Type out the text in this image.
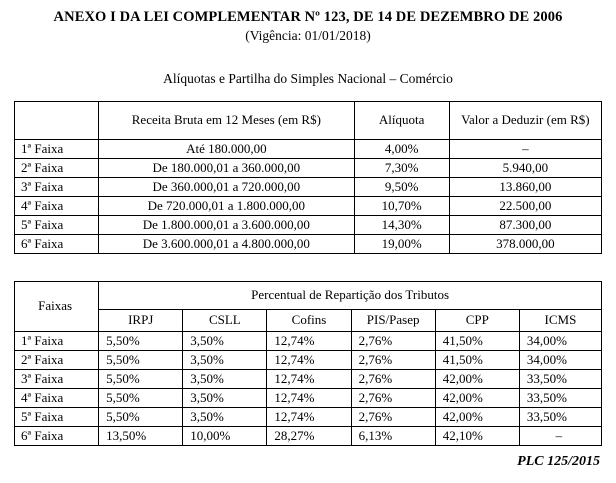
ANEXO I DA LEI COMPLEMENTAR Nº 123, DE 14 DE DEZEMBRO DE 2006
(Vigência: 01/01/2018)
Alíquotas e Partilha do Simples Nacional – Comércio
	Receita Bruta em 12 Meses (em R$)	Alíquota	Valor a Deduzir (em R$)
1ª Faixa	Até 180.000,00	4,00%	–
2ª Faixa	De 180.000,01 a 360.000,00	7,30%	5.940,00
3ª Faixa	De 360.000,01 a 720.000,00	9,50%	13.860,00
4ª Faixa	De 720.000,01 a 1.800.000,00	10,70%	22.500,00
5ª Faixa	De 1.800.000,01 a 3.600.000,00	14,30%	87.300,00
6ª Faixa	De 3.600.000,01 a 4.800.000,00	19,00%	378.000,00
Faixas	Percentual de Repartição dos Tributos					
	IRPJ	CSLL	Cofins	PIS/Pasep	CPP	ICMS
1ª Faixa	5,50%	3,50%	12,74%	2,76%	41,50%	34,00%
2ª Faixa	5,50%	3,50%	12,74%	2,76%	41,50%	34,00%
3ª Faixa	5,50%	3,50%	12,74%	2,76%	42,00%	33,50%
4ª Faixa	5,50%	3,50%	12,74%	2,76%	42,00%	33,50%
5ª Faixa	5,50%	3,50%	12,74%	2,76%	42,00%	33,50%
6ª Faixa	13,50%	10,00%	28,27%	6,13%	42,10%	–
PLC 125/2015
